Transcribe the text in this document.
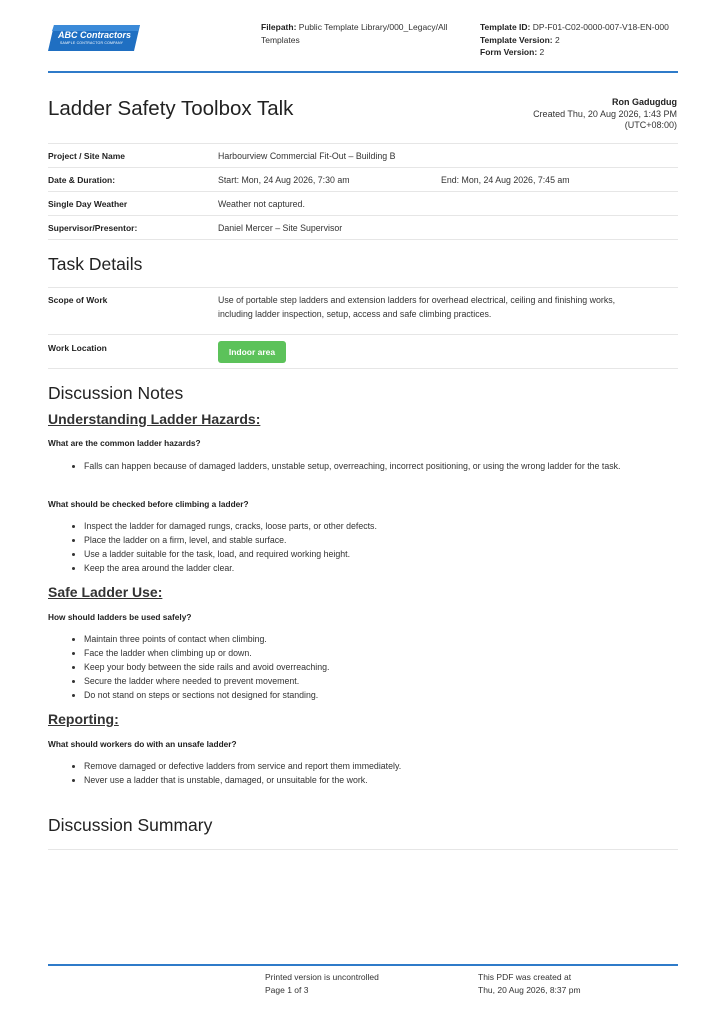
ABC Contractors
SAMPLE CONTRACTOR COMPANY
Filepath: Public Template Library/000_Legacy/All Templates
Template ID: DP-F01-C02-0000-007-V18-EN-000
Template Version: 2
Form Version: 2
Ladder Safety Toolbox Talk	Ron Gadugdug
Created Thu, 20 Aug 2026, 1:43 PM
(UTC+08:00)
Project / Site Name	Harbourview Commercial Fit-Out – Building B
Date & Duration:	Start: Mon, 24 Aug 2026, 7:30 am	End: Mon, 24 Aug 2026, 7:45 am
Single Day Weather	Weather not captured.
Supervisor/Presentor:	Daniel Mercer – Site Supervisor
Task Details
Scope of Work	Use of portable step ladders and extension ladders for overhead electrical, ceiling and finishing works,
including ladder inspection, setup, access and safe climbing practices.
Work Location	Indoor area
Discussion Notes
Understanding Ladder Hazards:
What are the common ladder hazards?
• Falls can happen because of damaged ladders, unstable setup, overreaching, incorrect positioning, or using the wrong ladder for the task.
What should be checked before climbing a ladder?
• Inspect the ladder for damaged rungs, cracks, loose parts, or other defects.
• Place the ladder on a firm, level, and stable surface.
• Use a ladder suitable for the task, load, and required working height.
• Keep the area around the ladder clear.
Safe Ladder Use:
How should ladders be used safely?
• Maintain three points of contact when climbing.
• Face the ladder when climbing up or down.
• Keep your body between the side rails and avoid overreaching.
• Secure the ladder where needed to prevent movement.
• Do not stand on steps or sections not designed for standing.
Reporting:
What should workers do with an unsafe ladder?
• Remove damaged or defective ladders from service and report them immediately.
• Never use a ladder that is unstable, damaged, or unsuitable for the work.
Discussion Summary
Printed version is uncontrolled
Page 1 of 3
This PDF was created at
Thu, 20 Aug 2026, 8:37 pm
